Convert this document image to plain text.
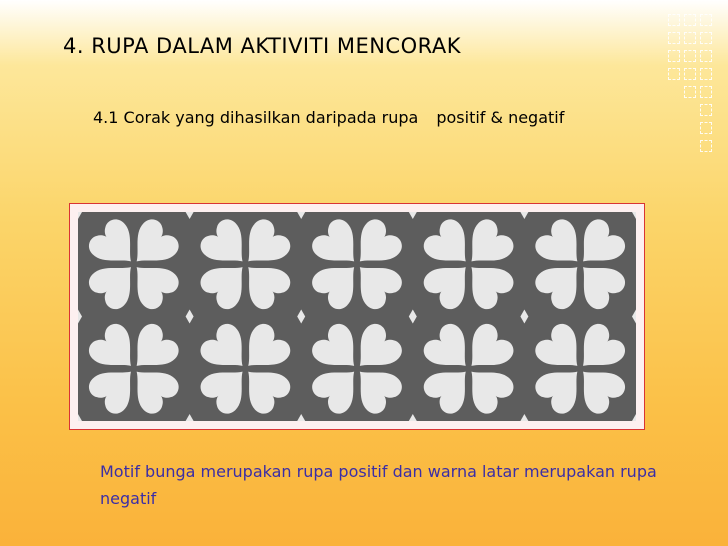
4. RUPA DALAM AKTIVITI MENCORAK
4.1 Corak yang dihasilkan daripada rupa positif & negatif
Motif bunga merupakan rupa positif dan warna latar merupakan rupa negatif
